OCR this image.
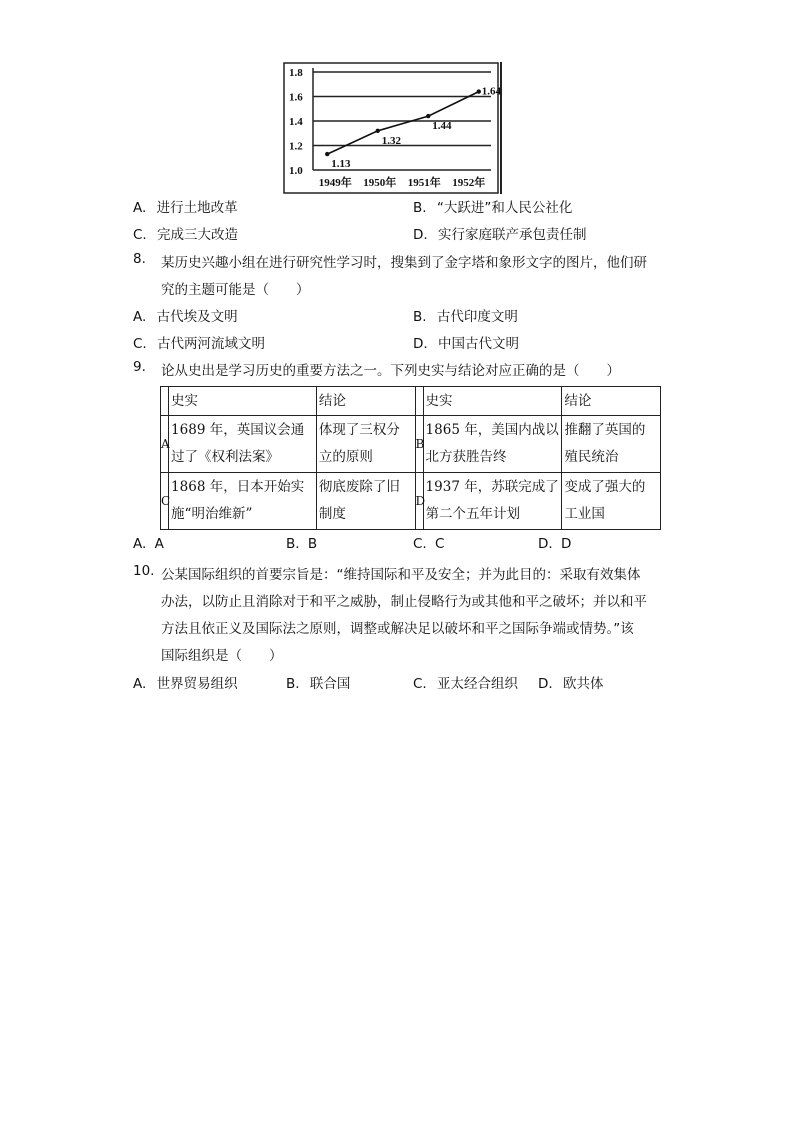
1.8
1.6
1.4
1.2
1.0
1949年 1950年 1951年 1952年
1.13
1.32
1.44
1.64
A. 进行土地改革	B. “大跃进”和人民公社化
C. 完成三大改造	D. 实行家庭联产承包责任制
8. 某历史兴趣小组在进行研究性学习时，搜集到了金字塔和象形文字的图片，他们研
究的主题可能是（　　）
A. 古代埃及文明	B. 古代印度文明
C. 古代两河流域文明	D. 中国古代文明
9. 论从史出是学习历史的重要方法之一。下列史实与结论对应正确的是（　　）
	史实	结论		史实	结论
A	1689 年，英国议会通过了《权利法案》	体现了三权分立的原则	B	1865 年，美国内战以北方获胜告终	推翻了英国的殖民统治
C	1868 年，日本开始实施“明治维新”	彻底废除了旧制度	D	1937 年，苏联完成了第二个五年计划	变成了强大的工业国
A. A	B. B	C. C	D. D
10. 公某国际组织的首要宗旨是：“维持国际和平及安全；并为此目的：采取有效集体
办法，以防止且消除对于和平之威胁，制止侵略行为或其他和平之破坏；并以和平
方法且依正义及国际法之原则，调整或解决足以破坏和平之国际争端或情势。”该
国际组织是（　　）
A. 世界贸易组织	B. 联合国	C. 亚太经合组织 D. 欧共体
